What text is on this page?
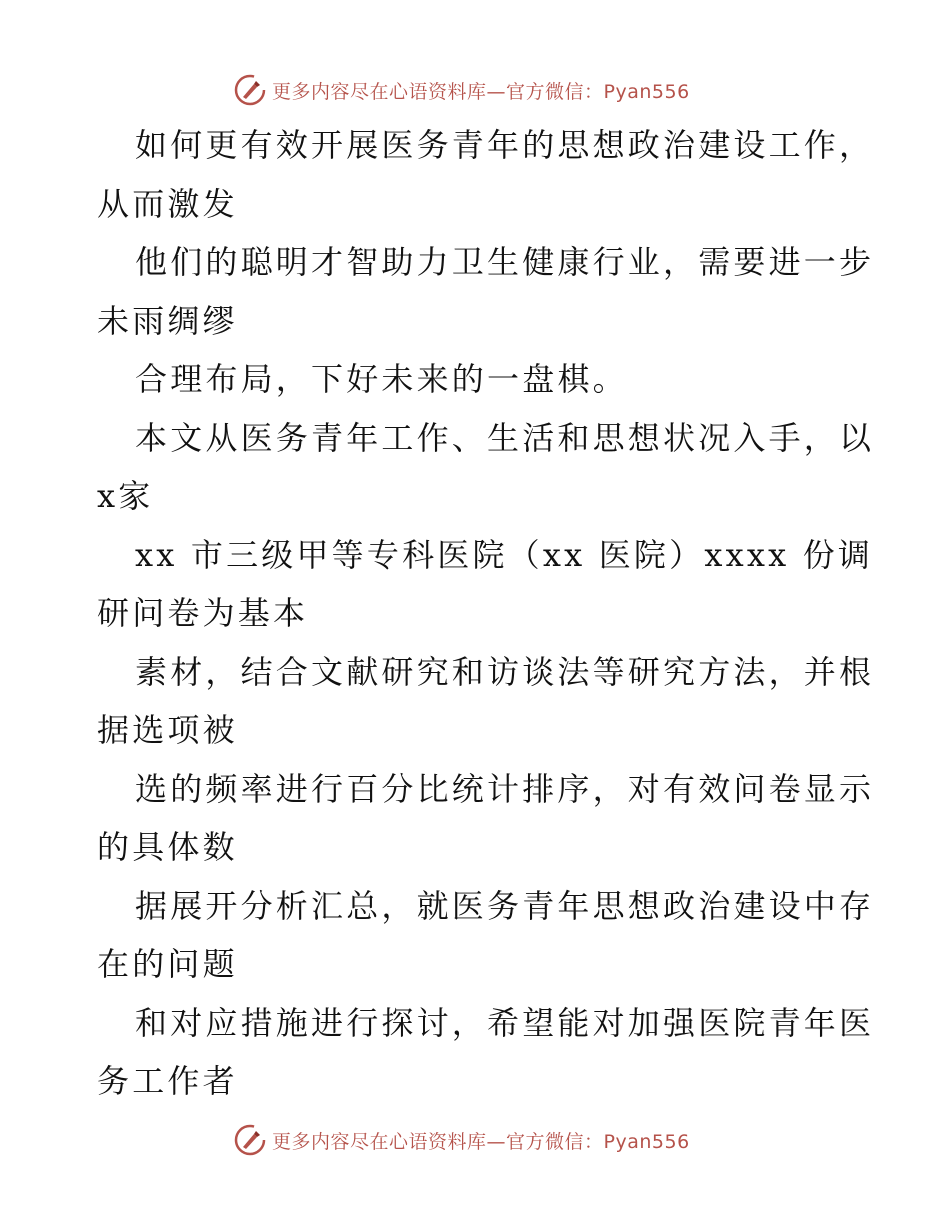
更多内容尽在心语资料库—官方微信：Pyan556
如何更有效开展医务青年的思想政治建设工作，
从而激发
他们的聪明才智助力卫生健康行业，需要进一步
未雨绸缪
合理布局，下好未来的一盘棋。
本文从医务青年工作、生活和思想状况入手，以
x家
xx 市三级甲等专科医院（xx 医院）xxxx 份调
研问卷为基本
素材，结合文献研究和访谈法等研究方法，并根
据选项被
选的频率进行百分比统计排序，对有效问卷显示
的具体数
据展开分析汇总，就医务青年思想政治建设中存
在的问题
和对应措施进行探讨，希望能对加强医院青年医
务工作者
更多内容尽在心语资料库—官方微信：Pyan556
